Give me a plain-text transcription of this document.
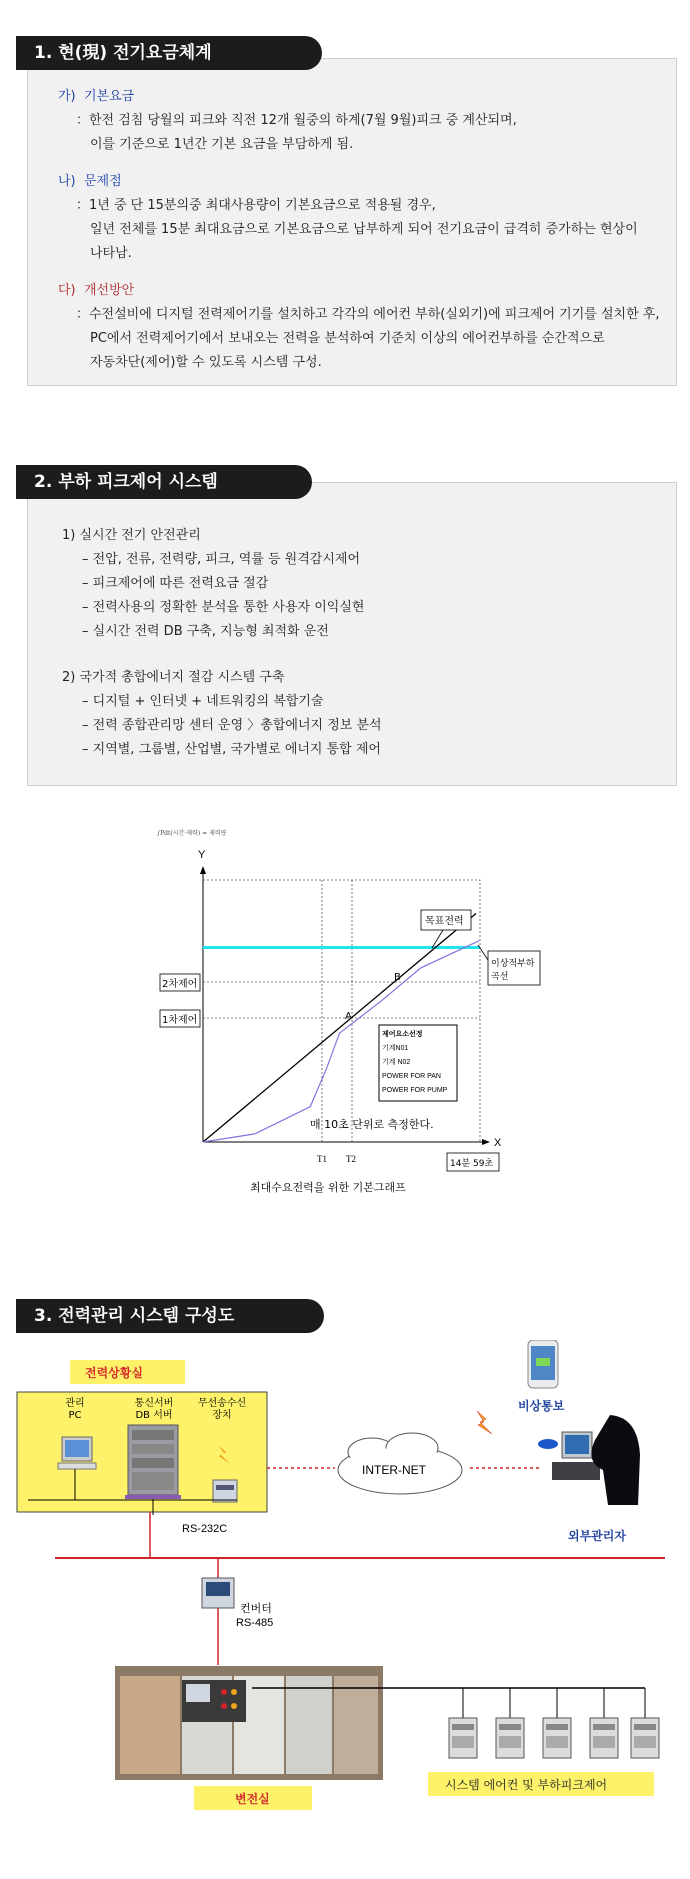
1. 현(現) 전기요금체계
가) 기본요금
：한전 검침 당월의 피크와 직전 12개 월중의 하계(7월 9월)피크 중 계산되며,
이를 기준으로 1년간 기본 요금을 부담하게 됨.
나) 문제점
：1년 중 단 15분의중 최대사용량이 기본요금으로 적용될 경우,
일년 전체를 15분 최대요금으로 기본요금으로 납부하게 되어 전기요금이 급격히 증가하는 현상이
나타남.
다) 개선방안
：수전설비에 디지털 전력제어기를 설치하고 각각의 에어컨 부하(실외기)에 피크제어 기기를 설치한 후,
PC에서 전력제어기에서 보내오는 전력을 분석하여 기준치 이상의 에어컨부하를 순간적으로
자동차단(제어)할 수 있도록 시스템 구성.
2. 부하 피크제어 시스템
1) 실시간 전기 안전관리
– 전압, 전류, 전력량, 피크, 역률 등 원격감시제어
– 피크제어에 따른 전력요금 절감
– 전력사용의 정확한 분석을 통한 사용자 이익실현
– 실시간 전력 DB 구축, 지능형 최적화 운전
2) 국가적 총합에너지 절감 시스템 구축
– 디지털 + 인터넷 + 네트워킹의 복합기술
– 전력 종합관리망 센터 운영 〉총합에너지 정보 분석
– 지역별, 그룹별, 산업별, 국가별로 에너지 통합 제어
∫Pdt(시간·제력) = 제력량
Y
X
목표전력
2차제어
1차제어
B
A
이상적부하 곡선
제어요소선정
기계N01
기계 N02
POWER FOR PAN
POWER FOR PUMP
매 10초 단위로 측정한다.
T1 T2	14분 59초
최대수요전력을 위한 기본그래프
3. 전력관리 시스템 구성도
전력상황실
관리 PC
통신서버 DB 서버
무선송수신 장치
RS-232C
INTER-NET
비상통보
외부관리자
컨버터
RS-485
시스템 에어컨 및 부하피크제어
변전실
